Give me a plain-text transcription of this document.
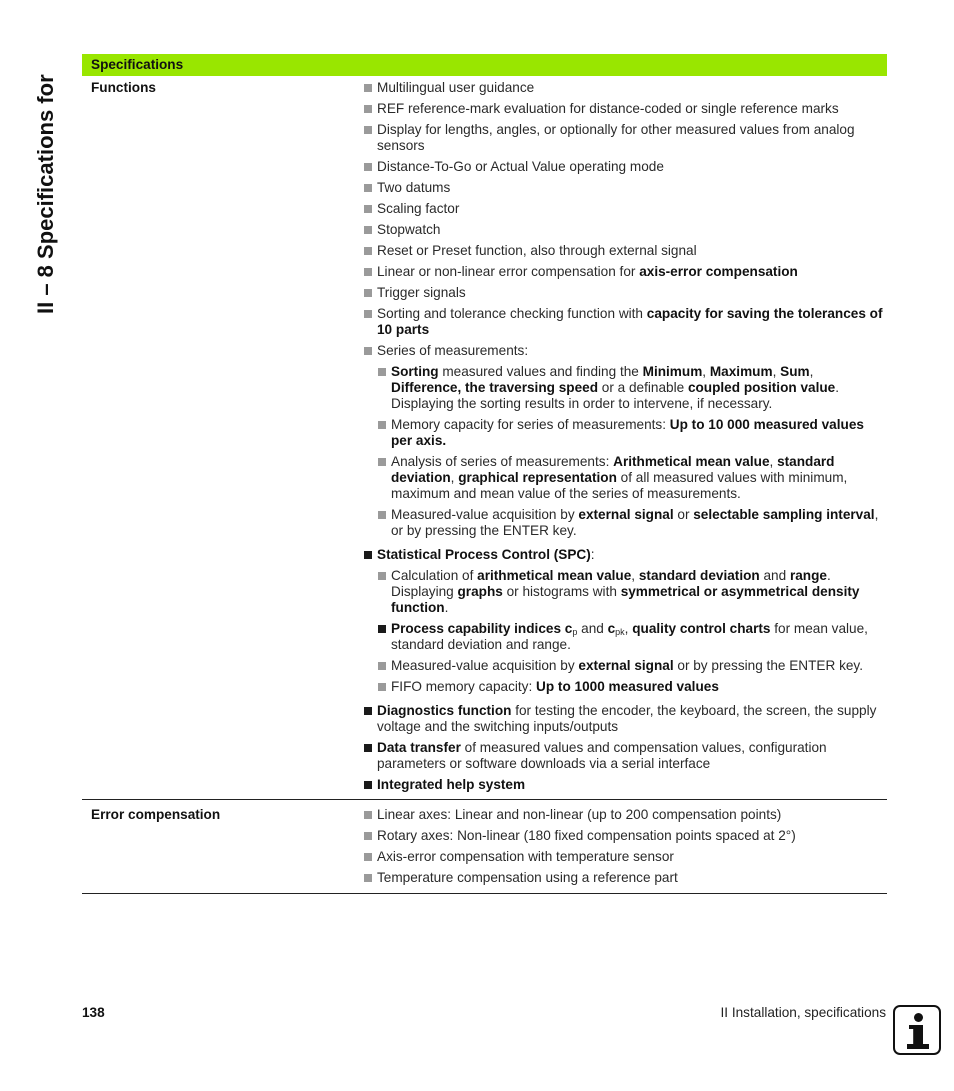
II – 8 Specifications for
Specifications
Functions	Multilingual user guidance
REF reference-mark evaluation for distance-coded or single reference marks
Display for lengths, angles, or optionally for other measured values from analog sensors
Distance-To-Go or Actual Value operating mode
Two datums
Scaling factor
Stopwatch
Reset or Preset function, also through external signal
Linear or non-linear error compensation for axis-error compensation
Trigger signals
Sorting and tolerance checking function with capacity for saving the tolerances of 10 parts
Series of measurements:
Sorting measured values and finding the Minimum, Maximum, Sum, Difference, the traversing speed or a definable coupled position value. Displaying the sorting results in order to intervene, if necessary.
Memory capacity for series of measurements: Up to 10 000 measured values per axis.
Analysis of series of measurements: Arithmetical mean value, standard deviation, graphical representation of all measured values with minimum, maximum and mean value of the series of measurements.
Measured-value acquisition by external signal or selectable sampling interval, or by pressing the ENTER key.
Statistical Process Control (SPC):
Calculation of arithmetical mean value, standard deviation and range. Displaying graphs or histograms with symmetrical or asymmetrical density function.
Process capability indices $c_p$ and $c_{pk}$, quality control charts for mean value, standard deviation and range.
Measured-value acquisition by external signal or by pressing the ENTER key.
FIFO memory capacity: Up to 1000 measured values
Diagnostics function for testing the encoder, the keyboard, the screen, the supply voltage and the switching inputs/outputs
Data transfer of measured values and compensation values, configuration parameters or software downloads via a serial interface
Integrated help system
Error compensation	Linear axes: Linear and non-linear (up to 200 compensation points)
Rotary axes: Non-linear (180 fixed compensation points spaced at 2°)
Axis-error compensation with temperature sensor
Temperature compensation using a reference part
138	II Installation, specifications
